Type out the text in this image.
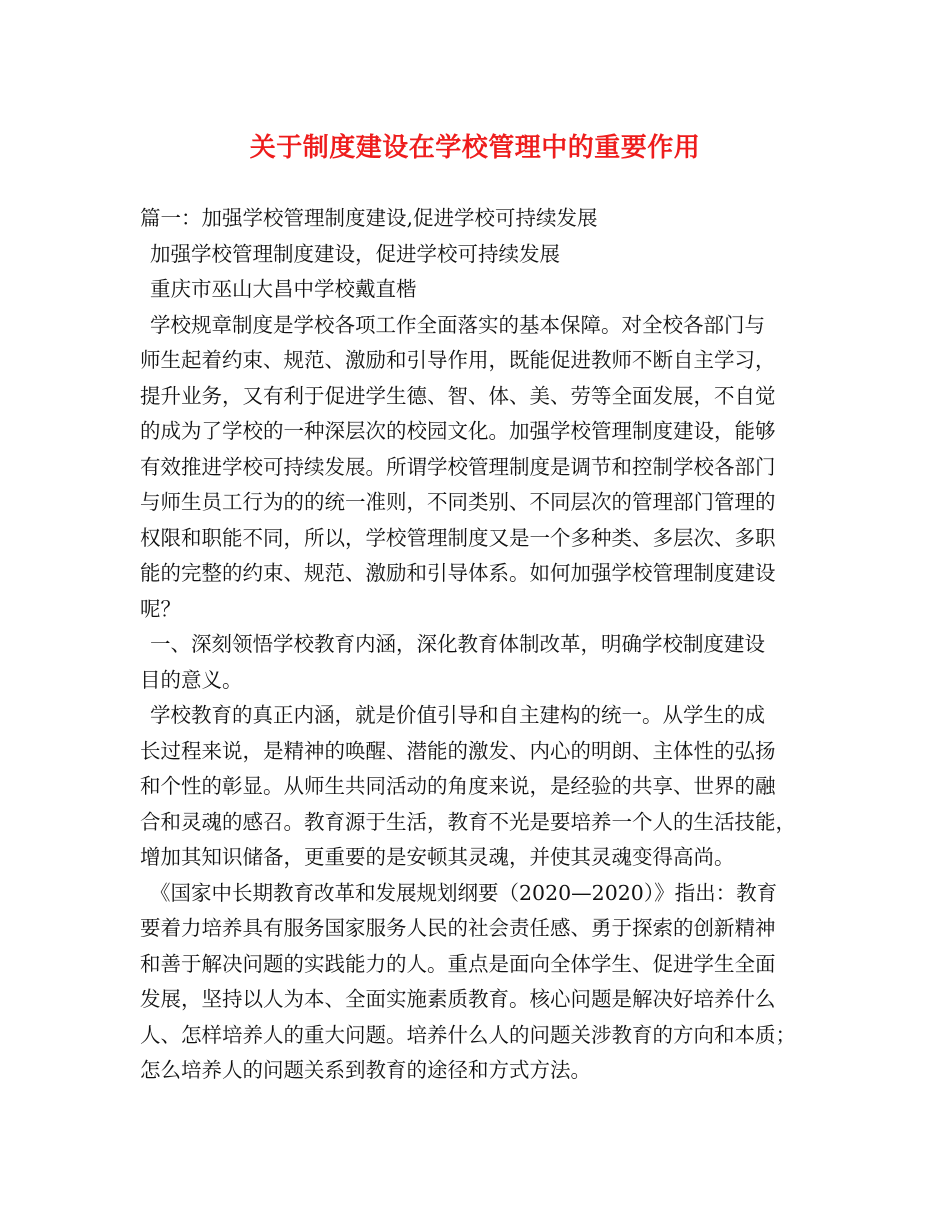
关于制度建设在学校管理中的重要作用
篇一：加强学校管理制度建设,促进学校可持续发展
加强学校管理制度建设，促进学校可持续发展
重庆市巫山大昌中学校戴直楷
学校规章制度是学校各项工作全面落实的基本保障。对全校各部门与
师生起着约束、规范、激励和引导作用，既能促进教师不断自主学习，
提升业务，又有利于促进学生德、智、体、美、劳等全面发展，不自觉
的成为了学校的一种深层次的校园文化。加强学校管理制度建设，能够
有效推进学校可持续发展。所谓学校管理制度是调节和控制学校各部门
与师生员工行为的的统一准则，不同类别、不同层次的管理部门管理的
权限和职能不同，所以，学校管理制度又是一个多种类、多层次、多职
能的完整的约束、规范、激励和引导体系。如何加强学校管理制度建设
呢？
一、深刻领悟学校教育内涵，深化教育体制改革，明确学校制度建设
目的意义。
学校教育的真正内涵，就是价值引导和自主建构的统一。从学生的成
长过程来说，是精神的唤醒、潜能的激发、内心的明朗、主体性的弘扬
和个性的彰显。从师生共同活动的角度来说，是经验的共享、世界的融
合和灵魂的感召。教育源于生活，教育不光是要培养一个人的生活技能，
增加其知识储备，更重要的是安顿其灵魂，并使其灵魂变得高尚。
《国家中长期教育改革和发展规划纲要（2020—2020）》指出：教育
要着力培养具有服务国家服务人民的社会责任感、勇于探索的创新精神
和善于解决问题的实践能力的人。重点是面向全体学生、促进学生全面
发展，坚持以人为本、全面实施素质教育。核心问题是解决好培养什么
人、怎样培养人的重大问题。培养什么人的问题关涉教育的方向和本质；
怎么培养人的问题关系到教育的途径和方式方法。
